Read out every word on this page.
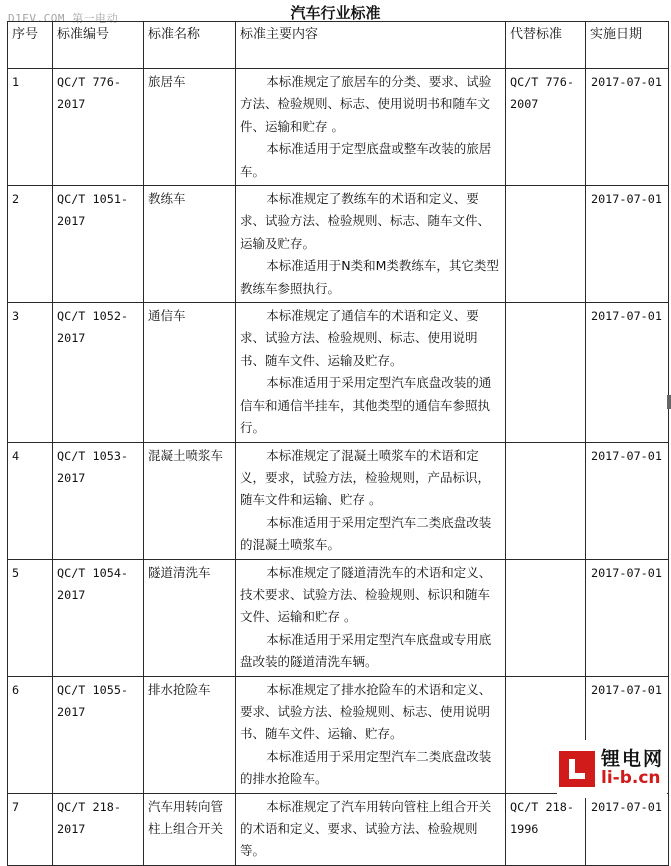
D1EV.COM 第一电动	汽车行业标准
序号	标准编号	标准名称	标准主要内容	代替标准	实施日期
1	QC/T 776-2017	旅居车	本标准规定了旅居车的分类、要求、试验方法、检验规则、标志、使用说明书和随车文件、运输和贮存 。

本标准适用于定型底盘或整车改装的旅居车。	QC/T 776-2007	2017-07-01
2	QC/T 1051-2017	教练车	本标准规定了教练车的术语和定义、要求、试验方法、检验规则、标志、随车文件、运输及贮存。

本标准适用于N类和M类教练车，其它类型教练车参照执行。		2017-07-01
3	QC/T 1052-2017	通信车	本标准规定了通信车的术语和定义、要求、试验方法、检验规则、标志、使用说明书、随车文件、运输及贮存。

本标准适用于采用定型汽车底盘改装的通信车和通信半挂车，其他类型的通信车参照执行。		2017-07-01
4	QC/T 1053-2017	混凝土喷浆车	本标准规定了混凝土喷浆车的术语和定义，要求，试验方法，检验规则，产品标识，随车文件和运输、贮存 。

本标准适用于采用定型汽车二类底盘改装的混凝土喷浆车。		2017-07-01
5	QC/T 1054-2017	隧道清洗车	本标准规定了隧道清洗车的术语和定义、技术要求、试验方法、检验规则、标识和随车文件、运输和贮存 。

本标准适用于采用定型汽车底盘或专用底盘改装的隧道清洗车辆。		2017-07-01
6	QC/T 1055-2017	排水抢险车	本标准规定了排水抢险车的术语和定义、要求、试验方法、检验规则、标志、使用说明书、随车文件、运输、贮存。

本标准适用于采用定型汽车二类底盘改装的排水抢险车。		2017-07-01
7	QC/T 218-2017	汽车用转向管柱上组合开关	本标准规定了汽车用转向管柱上组合开关的术语和定义、要求、试验方法、检验规则等。	QC/T 218-1996	2017-07-01
锂电网
li-b.cn
